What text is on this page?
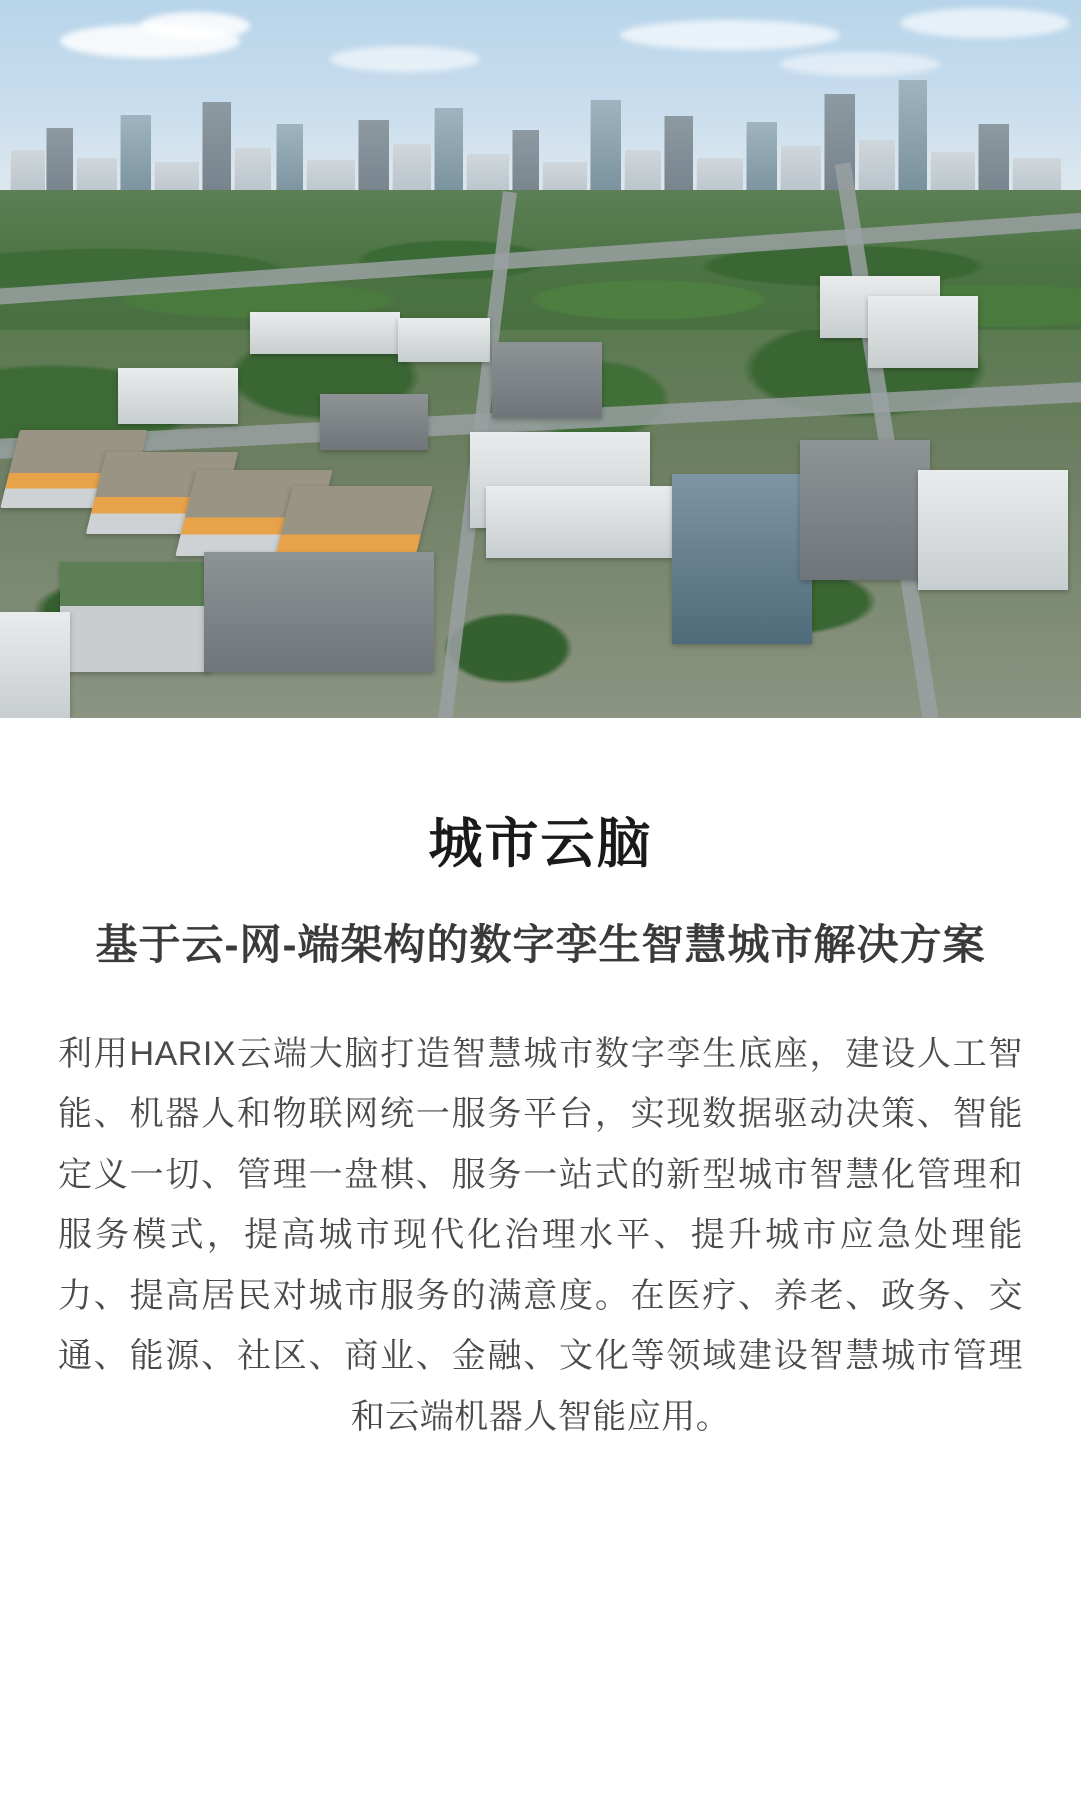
城市云脑
基于云-网-端架构的数字孪生智慧城市解决方案

利用HARIX云端大脑打造智慧城市数字孪生底座，建设人工智能、机器人和物联网统一服务平台，实现数据驱动决策、智能定义一切、管理一盘棋、服务一站式的新型城市智慧化管理和服务模式，提高城市现代化治理水平、提升城市应急处理能力、提高居民对城市服务的满意度。在医疗、养老、政务、交通、能源、社区、商业、金融、文化等领域建设智慧城市管理和云端机器人智能应用。
